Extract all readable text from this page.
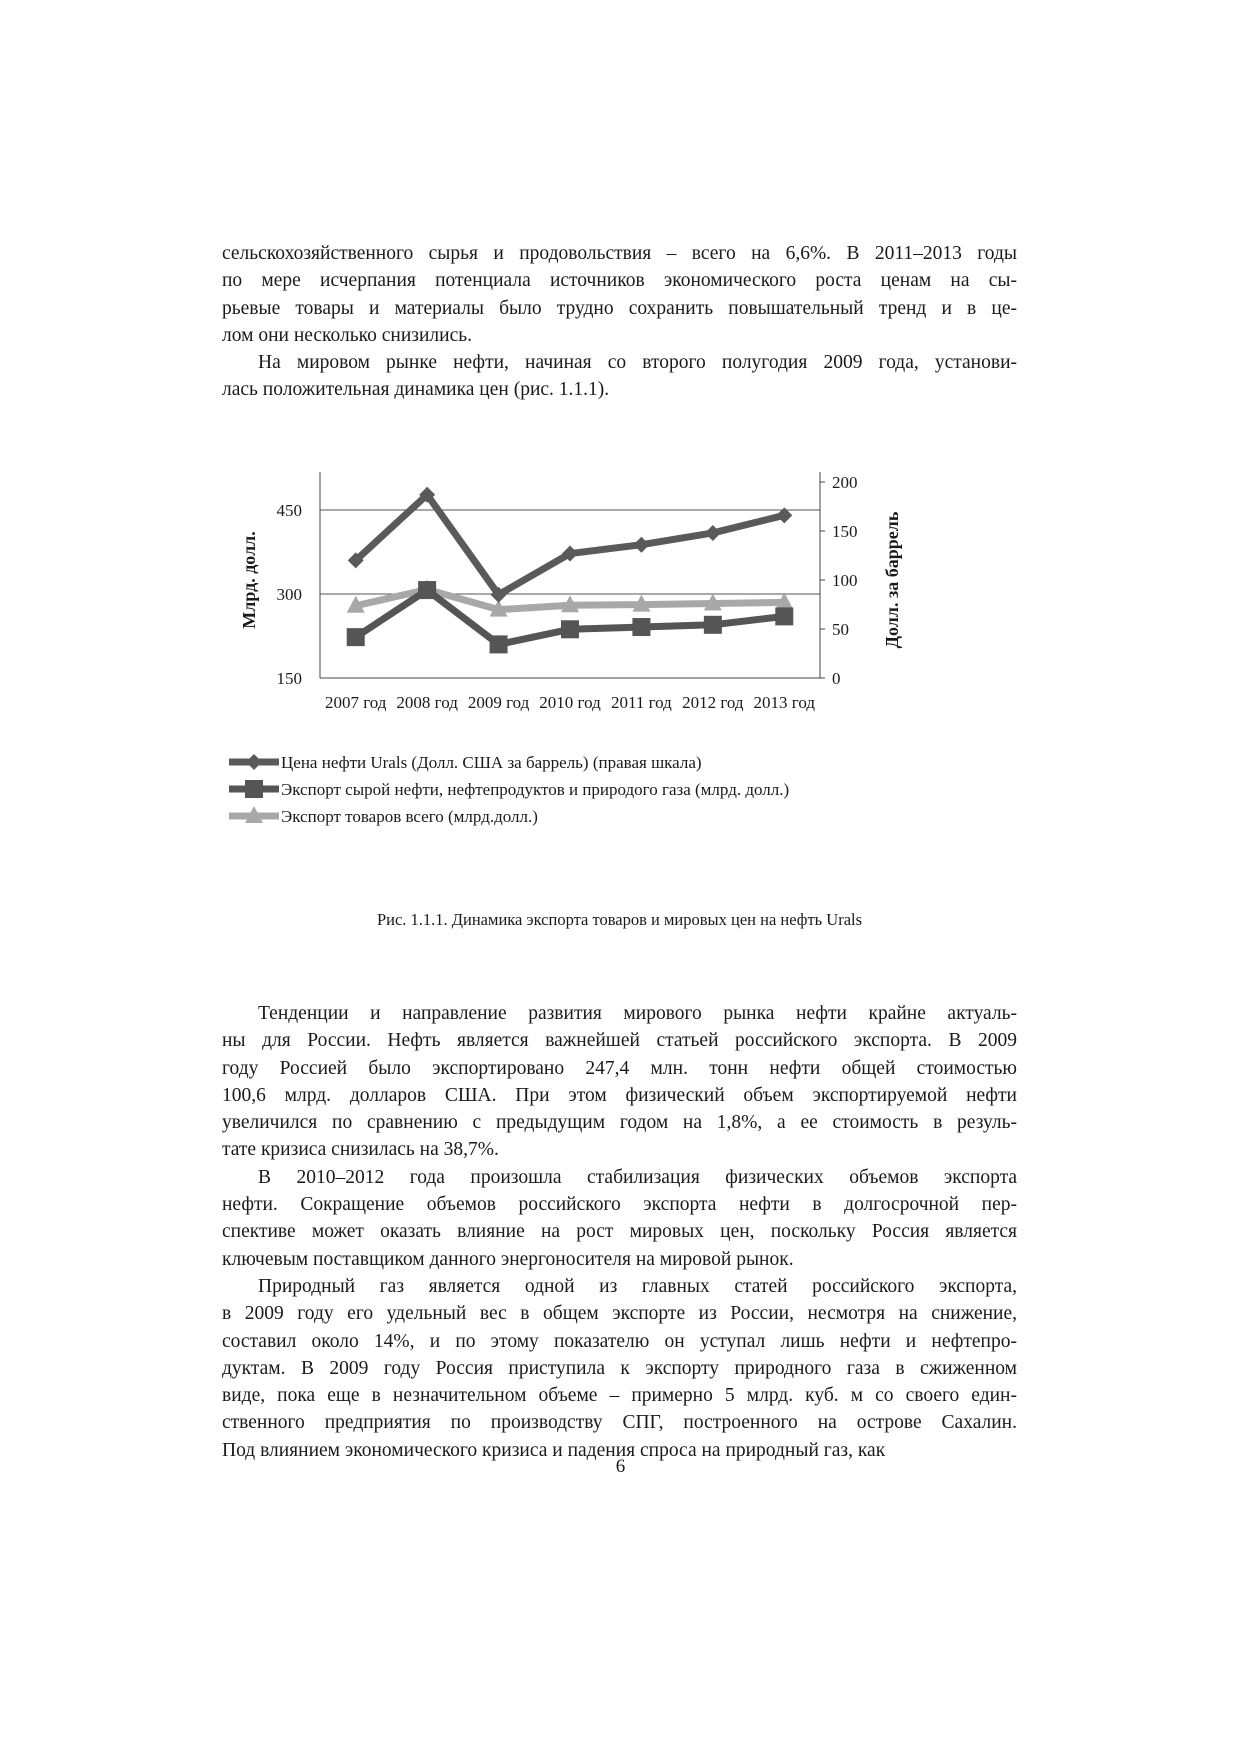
сельскохозяйственного сырья и продовольствия – всего на 6,6%. В 2011–2013 годы
по мере исчерпания потенциала источников экономического роста ценам на сы-
рьевые товары и материалы было трудно сохранить повышательный тренд и в це-
лом они несколько снизились.
На мировом рынке нефти, начиная со второго полугодия 2009 года, установи-
лась положительная динамика цен (рис. 1.1.1).
150
300
450
0
50
100
150
200
2007 год 2008 год 2009 год 2010 год 2011 год 2012 год 2013 год
Млрд. долл.	Долл. за баррель
Цена нефти Urals (Долл. США за баррель) (правая шкала)
Экспорт сырой нефти, нефтепродуктов и природого газа (млрд. долл.)
Экспорт товаров всего (млрд.долл.)
Рис. 1.1.1. Динамика экспорта товаров и мировых цен на нефть Urals
Тенденции и направление развития мирового рынка нефти крайне актуаль-
ны для России. Нефть является важнейшей статьей российского экспорта. В 2009
году Россией было экспортировано 247,4 млн. тонн нефти общей стоимостью
100,6 млрд. долларов США. При этом физический объем экспортируемой нефти
увеличился по сравнению с предыдущим годом на 1,8%, а ее стоимость в резуль-
тате кризиса снизилась на 38,7%.
В 2010–2012 года произошла стабилизация физических объемов экспорта
нефти. Сокращение объемов российского экспорта нефти в долгосрочной пер-
спективе может оказать влияние на рост мировых цен, поскольку Россия является
ключевым поставщиком данного энергоносителя на мировой рынок.
Природный газ является одной из главных статей российского экспорта,
в 2009 году его удельный вес в общем экспорте из России, несмотря на снижение,
составил около 14%, и по этому показателю он уступал лишь нефти и нефтепро-
дуктам. В 2009 году Россия приступила к экспорту природного газа в сжиженном
виде, пока еще в незначительном объеме – примерно 5 млрд. куб. м со своего един-
ственного предприятия по производству СПГ, построенного на острове Сахалин.
Под влиянием экономического кризиса и падения спроса на природный газ, как
6
